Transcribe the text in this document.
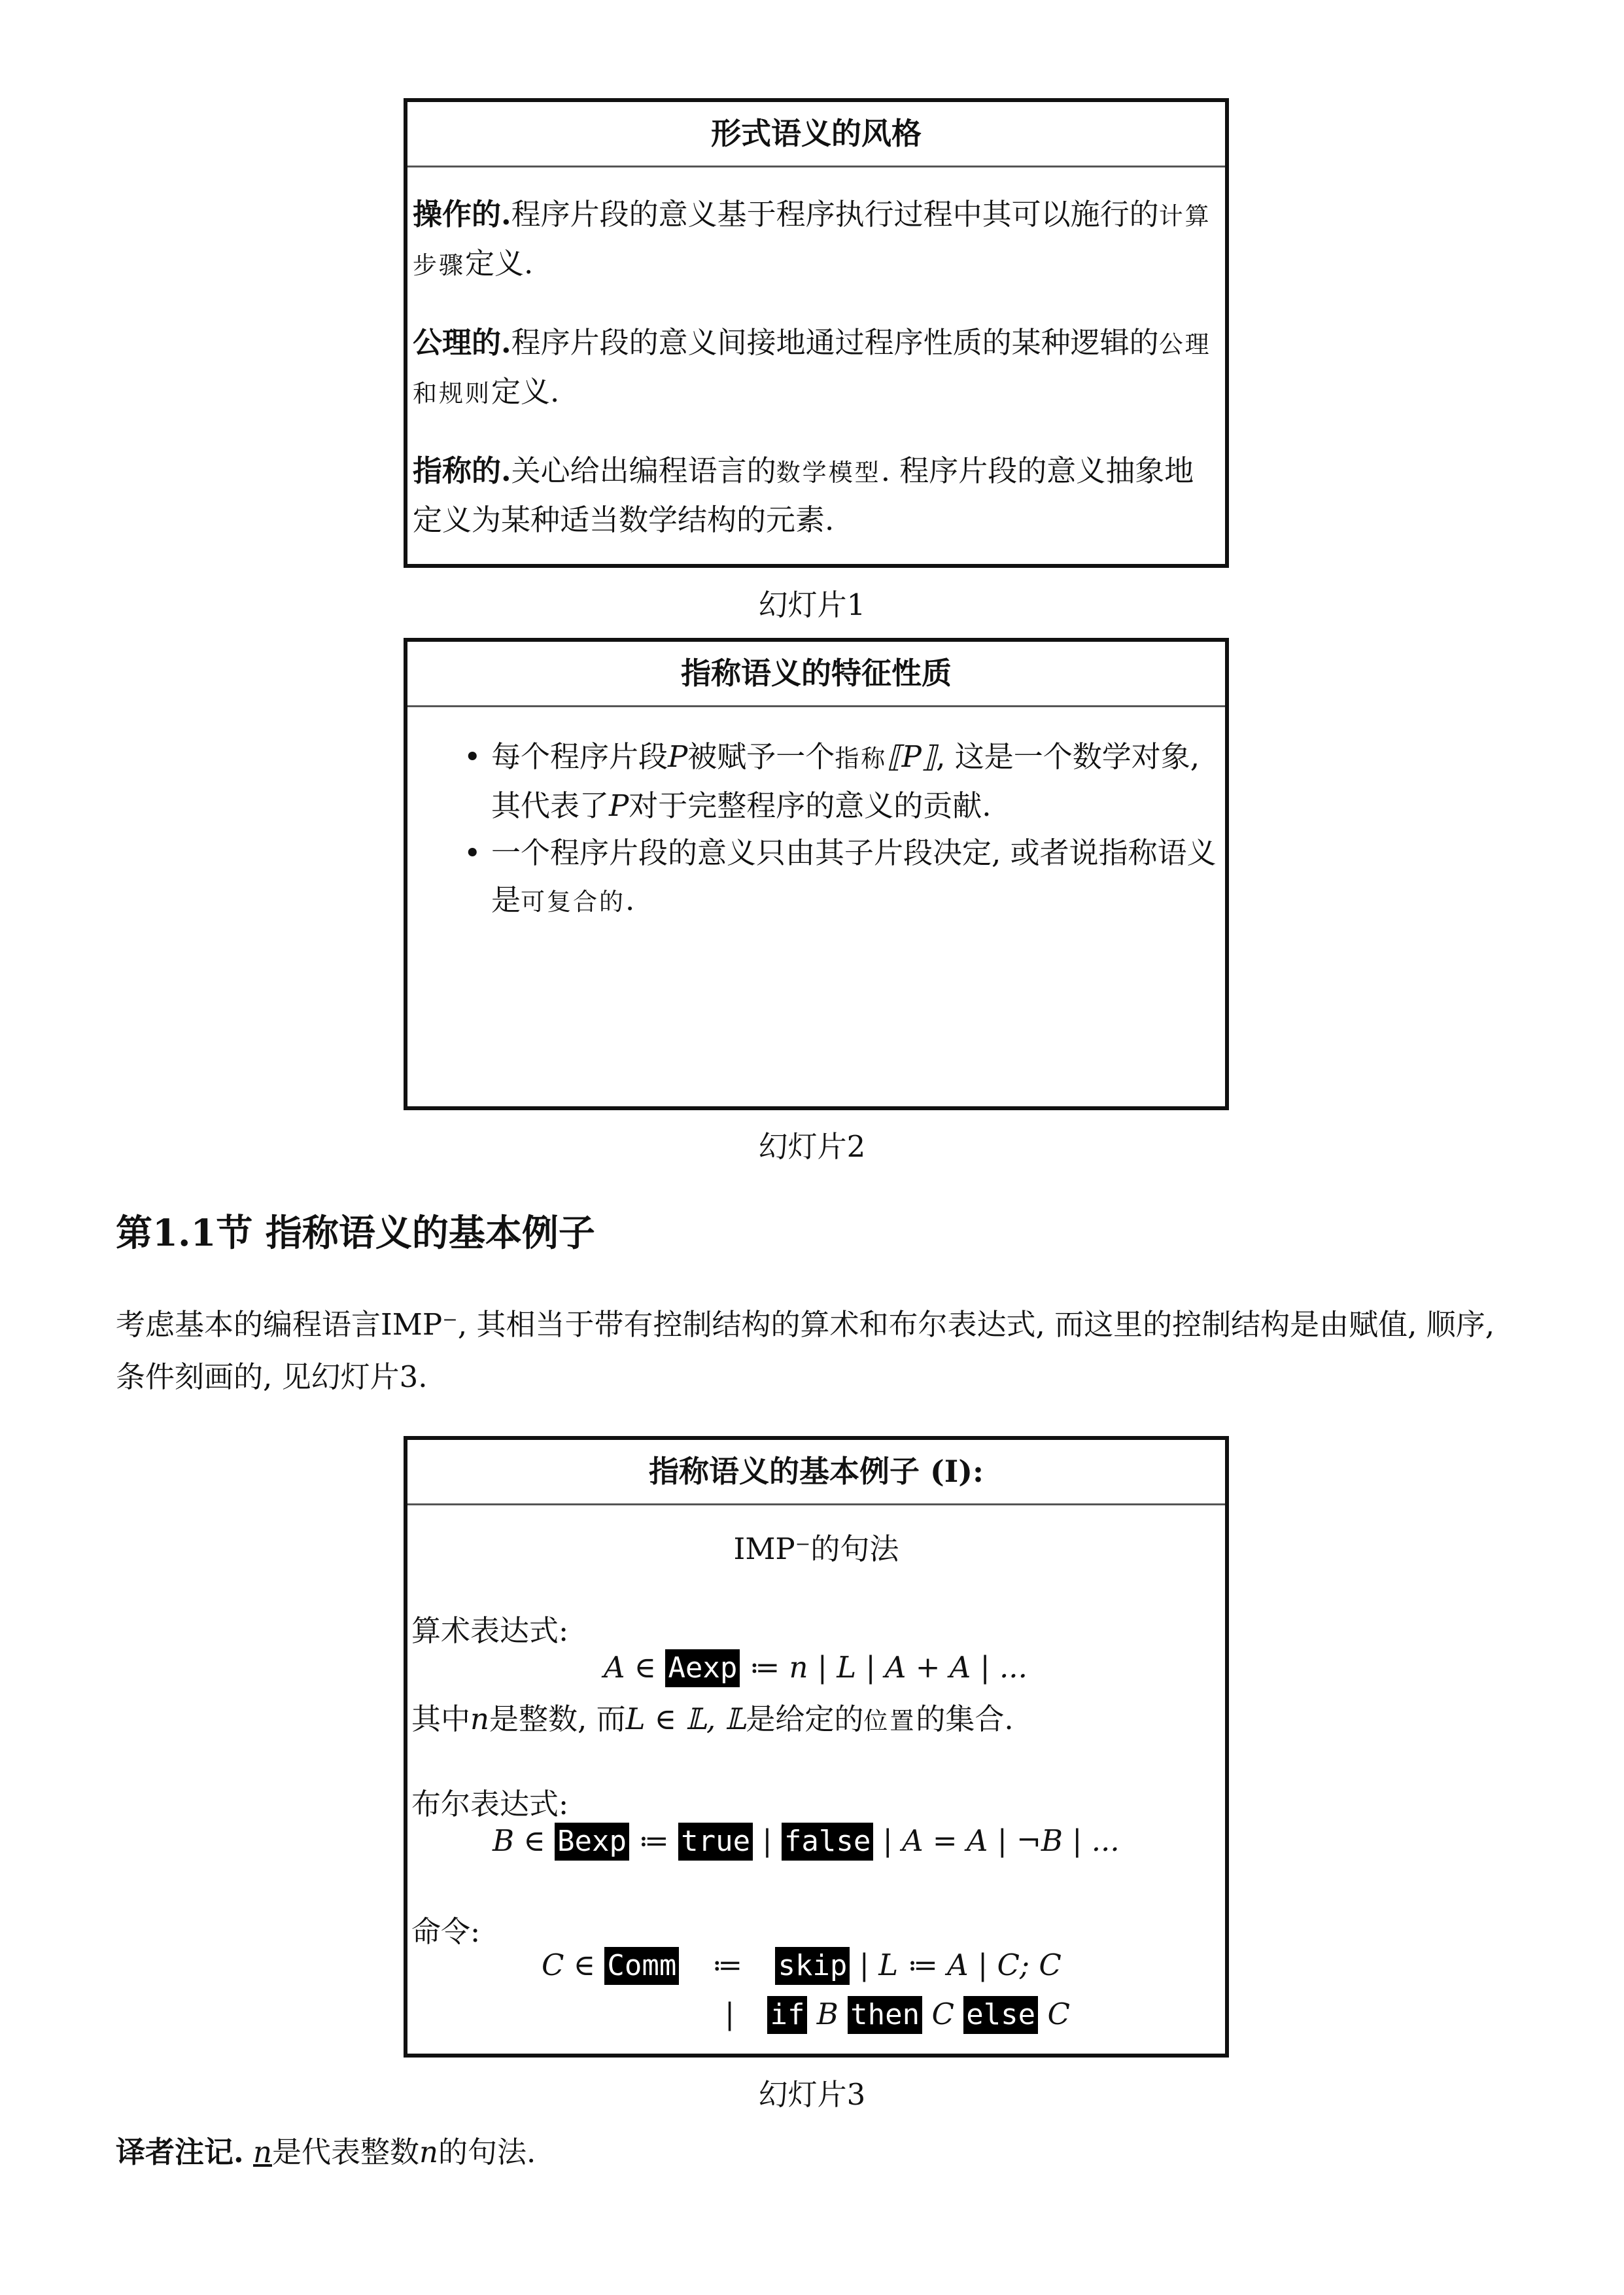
形式语义的风格

操作的.程序片段的意义基于程序执行过程中其可以施行的计算步骤定义.

公理的.程序片段的意义间接地通过程序性质的某种逻辑的公理和规则定义.

指称的.关心给出编程语言的数学模型. 程序片段的意义抽象地定义为某种适当数学结构的元素.

幻灯片1
指称语义的特征性质
• 每个程序片段P被赋予一个指称⟦P⟧, 这是一个数学对象, 其代表了P对于完整程序的意义的贡献.
• 一个程序片段的意义只由其子片段决定, 或者说指称语义是可复合的.
幻灯片2
第1.1节 指称语义的基本例子
考虑基本的编程语言IMP⁻, 其相当于带有控制结构的算术和布尔表达式, 而这里的控制结构是由赋值, 顺序, 条件刻画的, 见幻灯片3.
指称语义的基本例子 (I):
IMP⁻的句法
算术表达式:
A ∈ Aexp ≔ n | L | A + A | ...
其中n是整数, 而L ∈ 𝕃, 𝕃是给定的位置的集合.
布尔表达式:
B ∈ Bexp ≔ true | false | A = A | ¬B | ...
命令:
C ∈ Comm ≔ skip | L ≔ A | C; C
| if B then C else C
幻灯片3
译者注记. n是代表整数n的句法.
